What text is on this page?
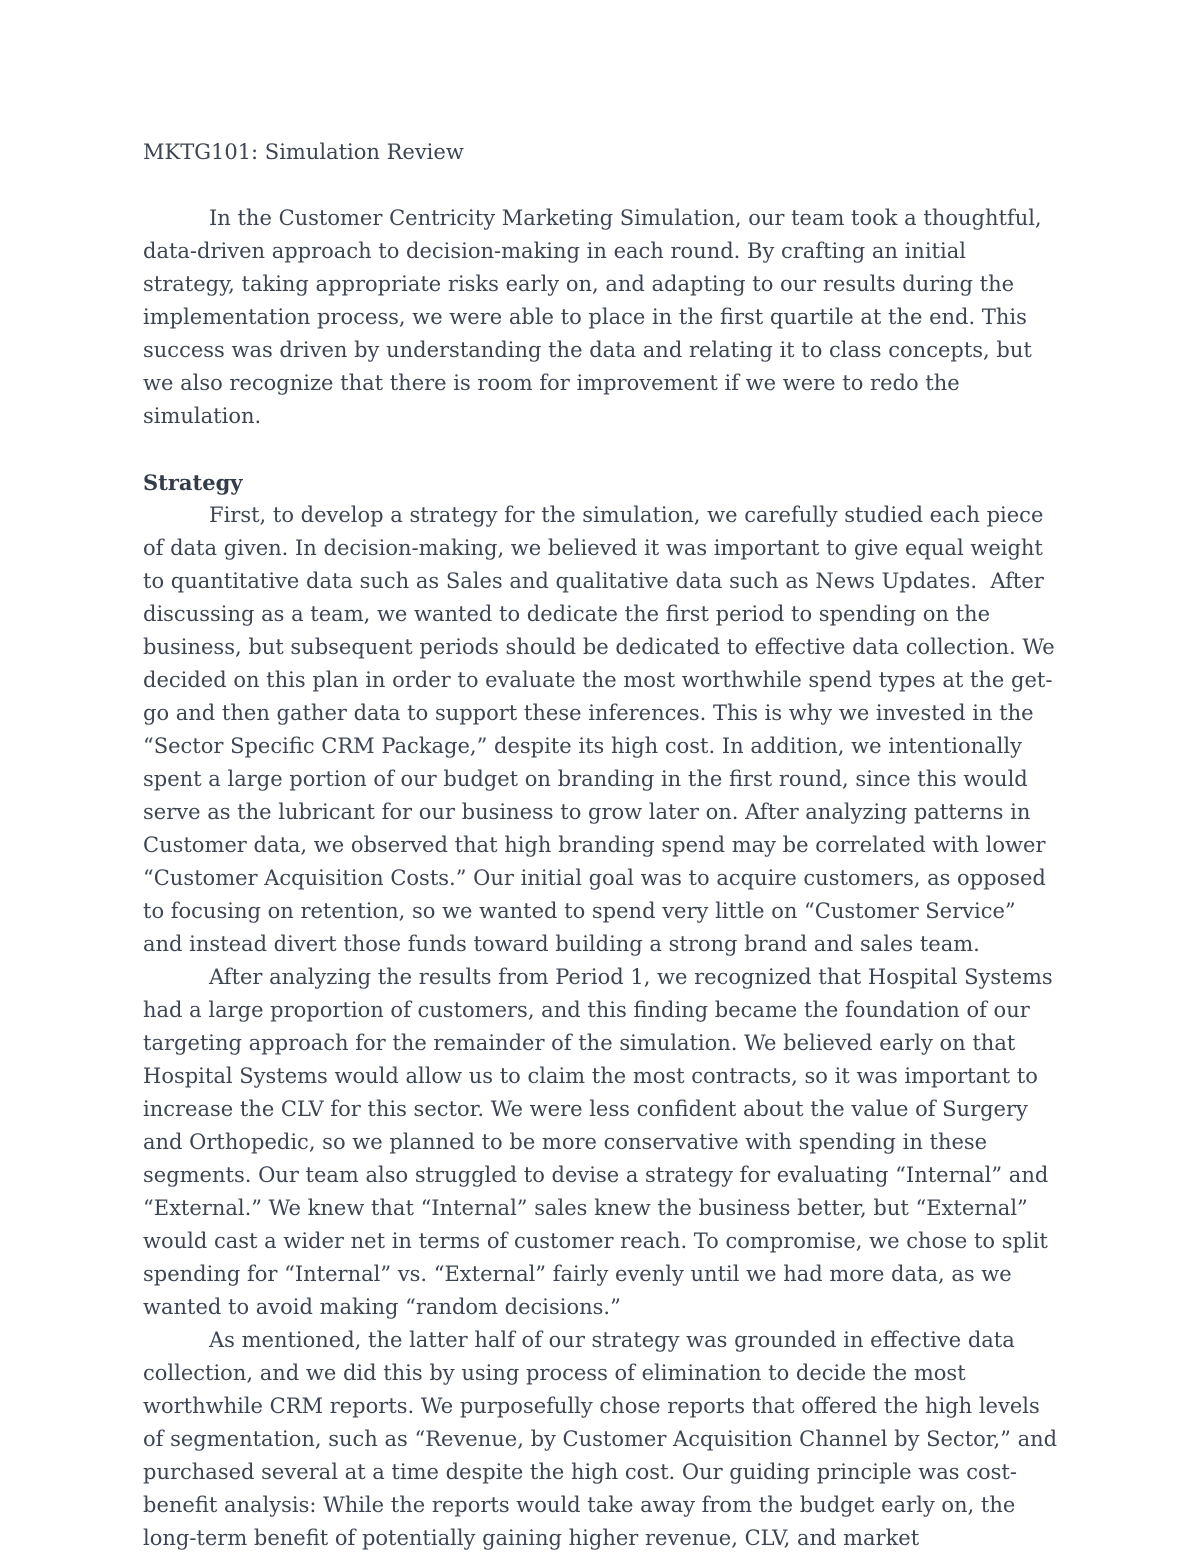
MKTG101: Simulation Review

In the Customer Centricity Marketing Simulation, our team took a thoughtful, data-driven approach to decision-making in each round. By crafting an initial strategy, taking appropriate risks early on, and adapting to our results during the implementation process, we were able to place in the first quartile at the end. This success was driven by understanding the data and relating it to class concepts, but we also recognize that there is room for improvement if we were to redo the simulation.

Strategy

First, to develop a strategy for the simulation, we carefully studied each piece of data given. In decision-making, we believed it was important to give equal weight to quantitative data such as Sales and qualitative data such as News Updates.  After discussing as a team, we wanted to dedicate the first period to spending on the business, but subsequent periods should be dedicated to effective data collection. We decided on this plan in order to evaluate the most worthwhile spend types at the get-go and then gather data to support these inferences. This is why we invested in the “Sector Specific CRM Package,” despite its high cost. In addition, we intentionally spent a large portion of our budget on branding in the first round, since this would serve as the lubricant for our business to grow later on. After analyzing patterns in Customer data, we observed that high branding spend may be correlated with lower “Customer Acquisition Costs.” Our initial goal was to acquire customers, as opposed to focusing on retention, so we wanted to spend very little on “Customer Service” and instead divert those funds toward building a strong brand and sales team.

After analyzing the results from Period 1, we recognized that Hospital Systems had a large proportion of customers, and this finding became the foundation of our targeting approach for the remainder of the simulation. We believed early on that Hospital Systems would allow us to claim the most contracts, so it was important to increase the CLV for this sector. We were less confident about the value of Surgery and Orthopedic, so we planned to be more conservative with spending in these segments. Our team also struggled to devise a strategy for evaluating “Internal” and “External.” We knew that “Internal” sales knew the business better, but “External” would cast a wider net in terms of customer reach. To compromise, we chose to split spending for “Internal” vs. “External” fairly evenly until we had more data, as we wanted to avoid making “random decisions.”

As mentioned, the latter half of our strategy was grounded in effective data collection, and we did this by using process of elimination to decide the most worthwhile CRM reports. We purposefully chose reports that offered the high levels of segmentation, such as “Revenue, by Customer Acquisition Channel by Sector,” and purchased several at a time despite the high cost. Our guiding principle was cost-benefit analysis: While the reports would take away from the budget early on, the long-term benefit of potentially gaining higher revenue, CLV, and market
